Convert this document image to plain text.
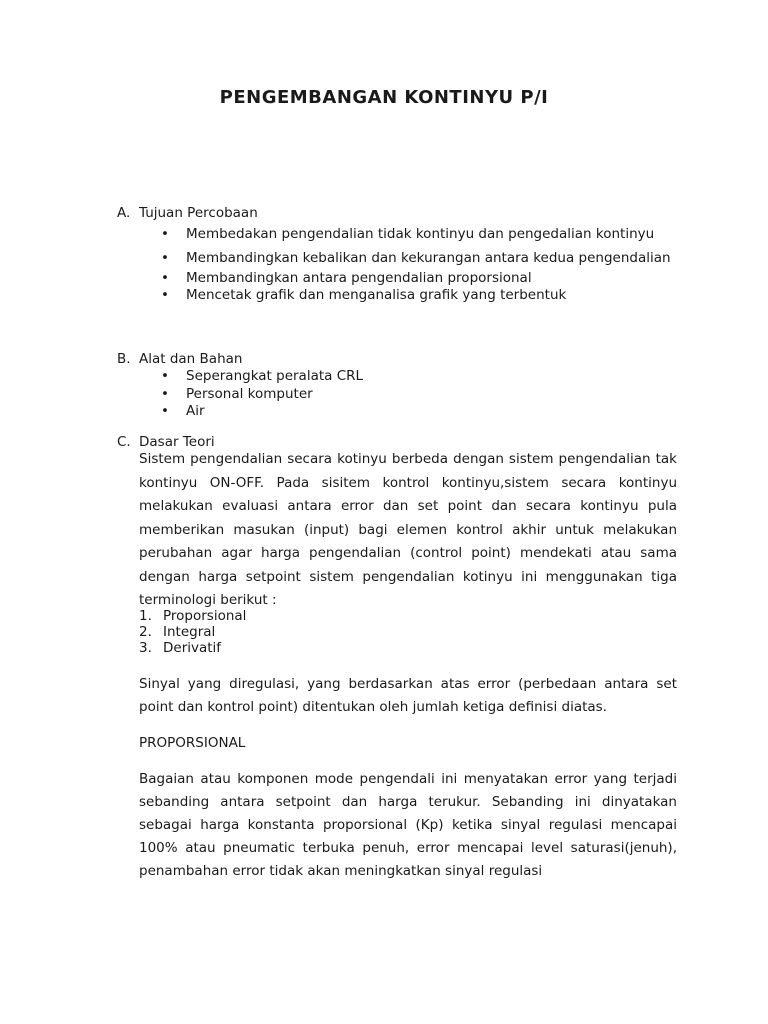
PENGEMBANGAN KONTINYU P/I
A. Tujuan Percobaan
• Membedakan pengendalian tidak kontinyu dan pengedalian kontinyu
• Membandingkan kebalikan dan kekurangan antara kedua pengendalian
• Membandingkan antara pengendalian proporsional
• Mencetak grafik dan menganalisa grafik yang terbentuk
B. Alat dan Bahan
• Seperangkat peralata CRL
• Personal komputer
• Air
C. Dasar Teori

Sistem pengendalian secara kotinyu berbeda dengan sistem pengendalian tak kontinyu ON-OFF. Pada sisitem kontrol kontinyu,sistem secara kontinyu melakukan evaluasi antara error dan set point dan secara kontinyu pula memberikan masukan (input) bagi elemen kontrol akhir untuk melakukan perubahan agar harga pengendalian (control point) mendekati atau sama dengan harga setpoint sistem pengendalian kotinyu ini menggunakan tiga terminologi berikut :

1. Proporsional
2. Integral
3. Derivatif

Sinyal yang diregulasi, yang berdasarkan atas error (perbedaan antara set point dan kontrol point) ditentukan oleh jumlah ketiga definisi diatas.

PROPORSIONAL

Bagaian atau komponen mode pengendali ini menyatakan error yang terjadi sebanding antara setpoint dan harga terukur. Sebanding ini dinyatakan sebagai harga konstanta proporsional (Kp) ketika sinyal regulasi mencapai 100% atau pneumatic terbuka penuh, error mencapai level saturasi(jenuh), penambahan error tidak akan meningkatkan sinyal regulasi
